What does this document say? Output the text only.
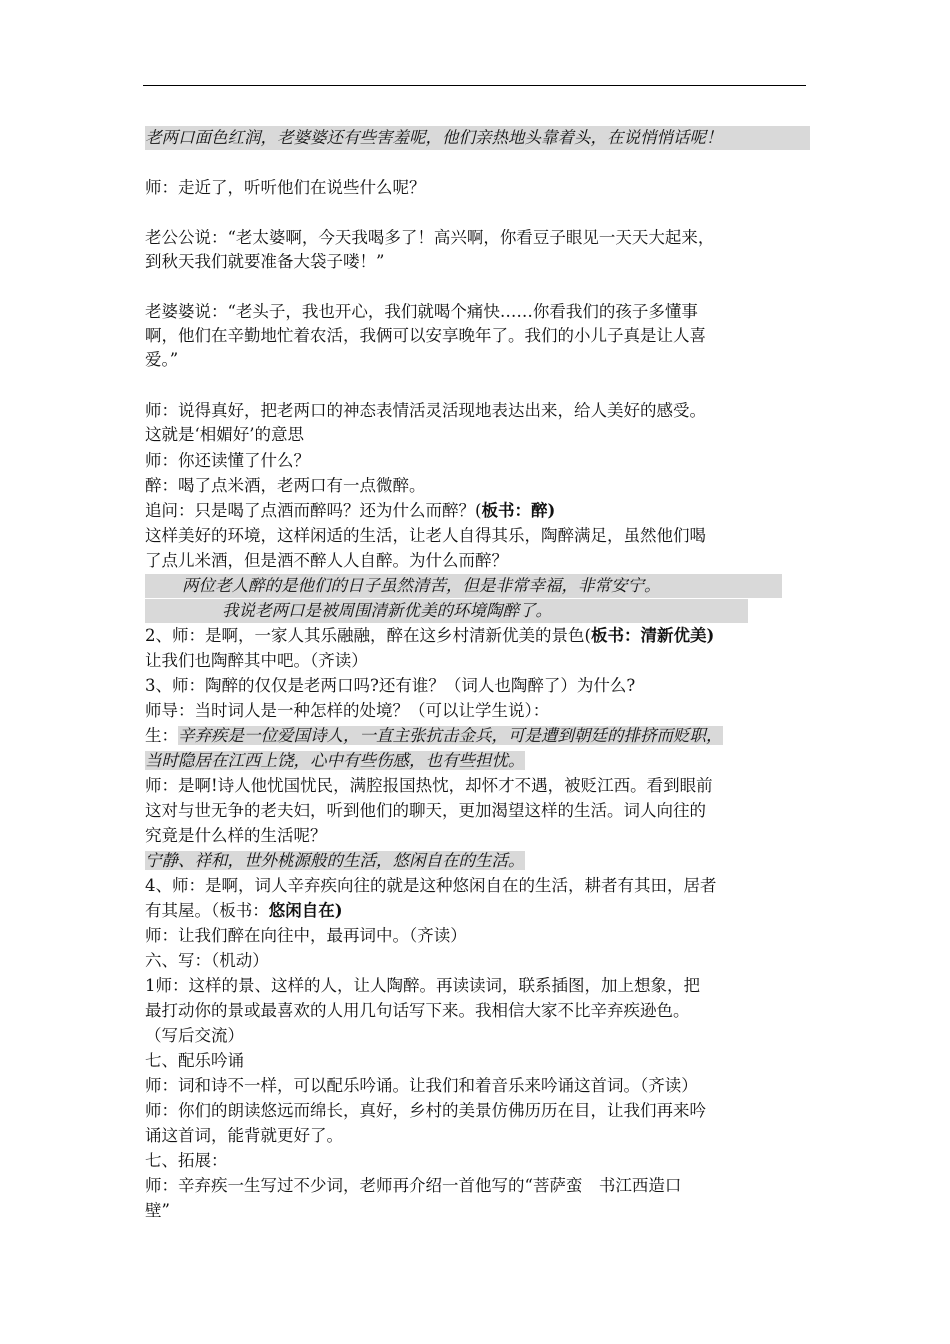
老两口面色红润，老婆婆还有些害羞呢，他们亲热地头靠着头，在说悄悄话呢！
师：走近了，听听他们在说些什么呢？
老公公说：“老太婆啊，今天我喝多了！高兴啊，你看豆子眼见一天天大起来，
到秋天我们就要准备大袋子喽！”
老婆婆说：“老头子，我也开心，我们就喝个痛快……你看我们的孩子多懂事
啊，他们在辛勤地忙着农活，我俩可以安享晚年了。我们的小儿子真是让人喜
爱。”
师：说得真好，把老两口的神态表情活灵活现地表达出来，给人美好的感受。
这就是‘相媚好’的意思
师：你还读懂了什么？
醉：喝了点米酒，老两口有一点微醉。
追问：只是喝了点酒而醉吗？还为什么而醉？(板书：醉)
这样美好的环境，这样闲适的生活，让老人自得其乐，陶醉满足，虽然他们喝
了点儿米酒，但是酒不醉人人自醉。为什么而醉？
两位老人醉的是他们的日子虽然清苦，但是非常幸福，非常安宁。
我说老两口是被周围清新优美的环境陶醉了。
2、师：是啊，一家人其乐融融，醉在这乡村清新优美的景色(板书：清新优美)
让我们也陶醉其中吧。（齐读）
3、师：陶醉的仅仅是老两口吗?还有谁？（词人也陶醉了）为什么?
师导：当时词人是一种怎样的处境？（可以让学生说）：
生：辛弃疾是一位爱国诗人，一直主张抗击金兵，可是遭到朝廷的排挤而贬职，
当时隐居在江西上饶，心中有些伤感，也有些担忧。
师：是啊!诗人他忧国忧民，满腔报国热忱，却怀才不遇，被贬江西。看到眼前
这对与世无争的老夫妇，听到他们的聊天，更加渴望这样的生活。词人向往的
究竟是什么样的生活呢？
宁静、祥和，世外桃源般的生活，悠闲自在的生活。
4、师：是啊，词人辛弃疾向往的就是这种悠闲自在的生活，耕者有其田，居者
有其屋。（板书：悠闲自在)
师：让我们醉在向往中，最再词中。（齐读）
六、写：（机动）
1师：这样的景、这样的人，让人陶醉。再读读词，联系插图，加上想象，把
最打动你的景或最喜欢的人用几句话写下来。我相信大家不比辛弃疾逊色。
（写后交流）
七、配乐吟诵
师：词和诗不一样，可以配乐吟诵。让我们和着音乐来吟诵这首词。（齐读）
师：你们的朗读悠远而绵长，真好，乡村的美景仿佛历历在目，让我们再来吟
诵这首词，能背就更好了。
七、拓展：
师：辛弃疾一生写过不少词，老师再介绍一首他写的“菩萨蛮　书江西造口
壁”
